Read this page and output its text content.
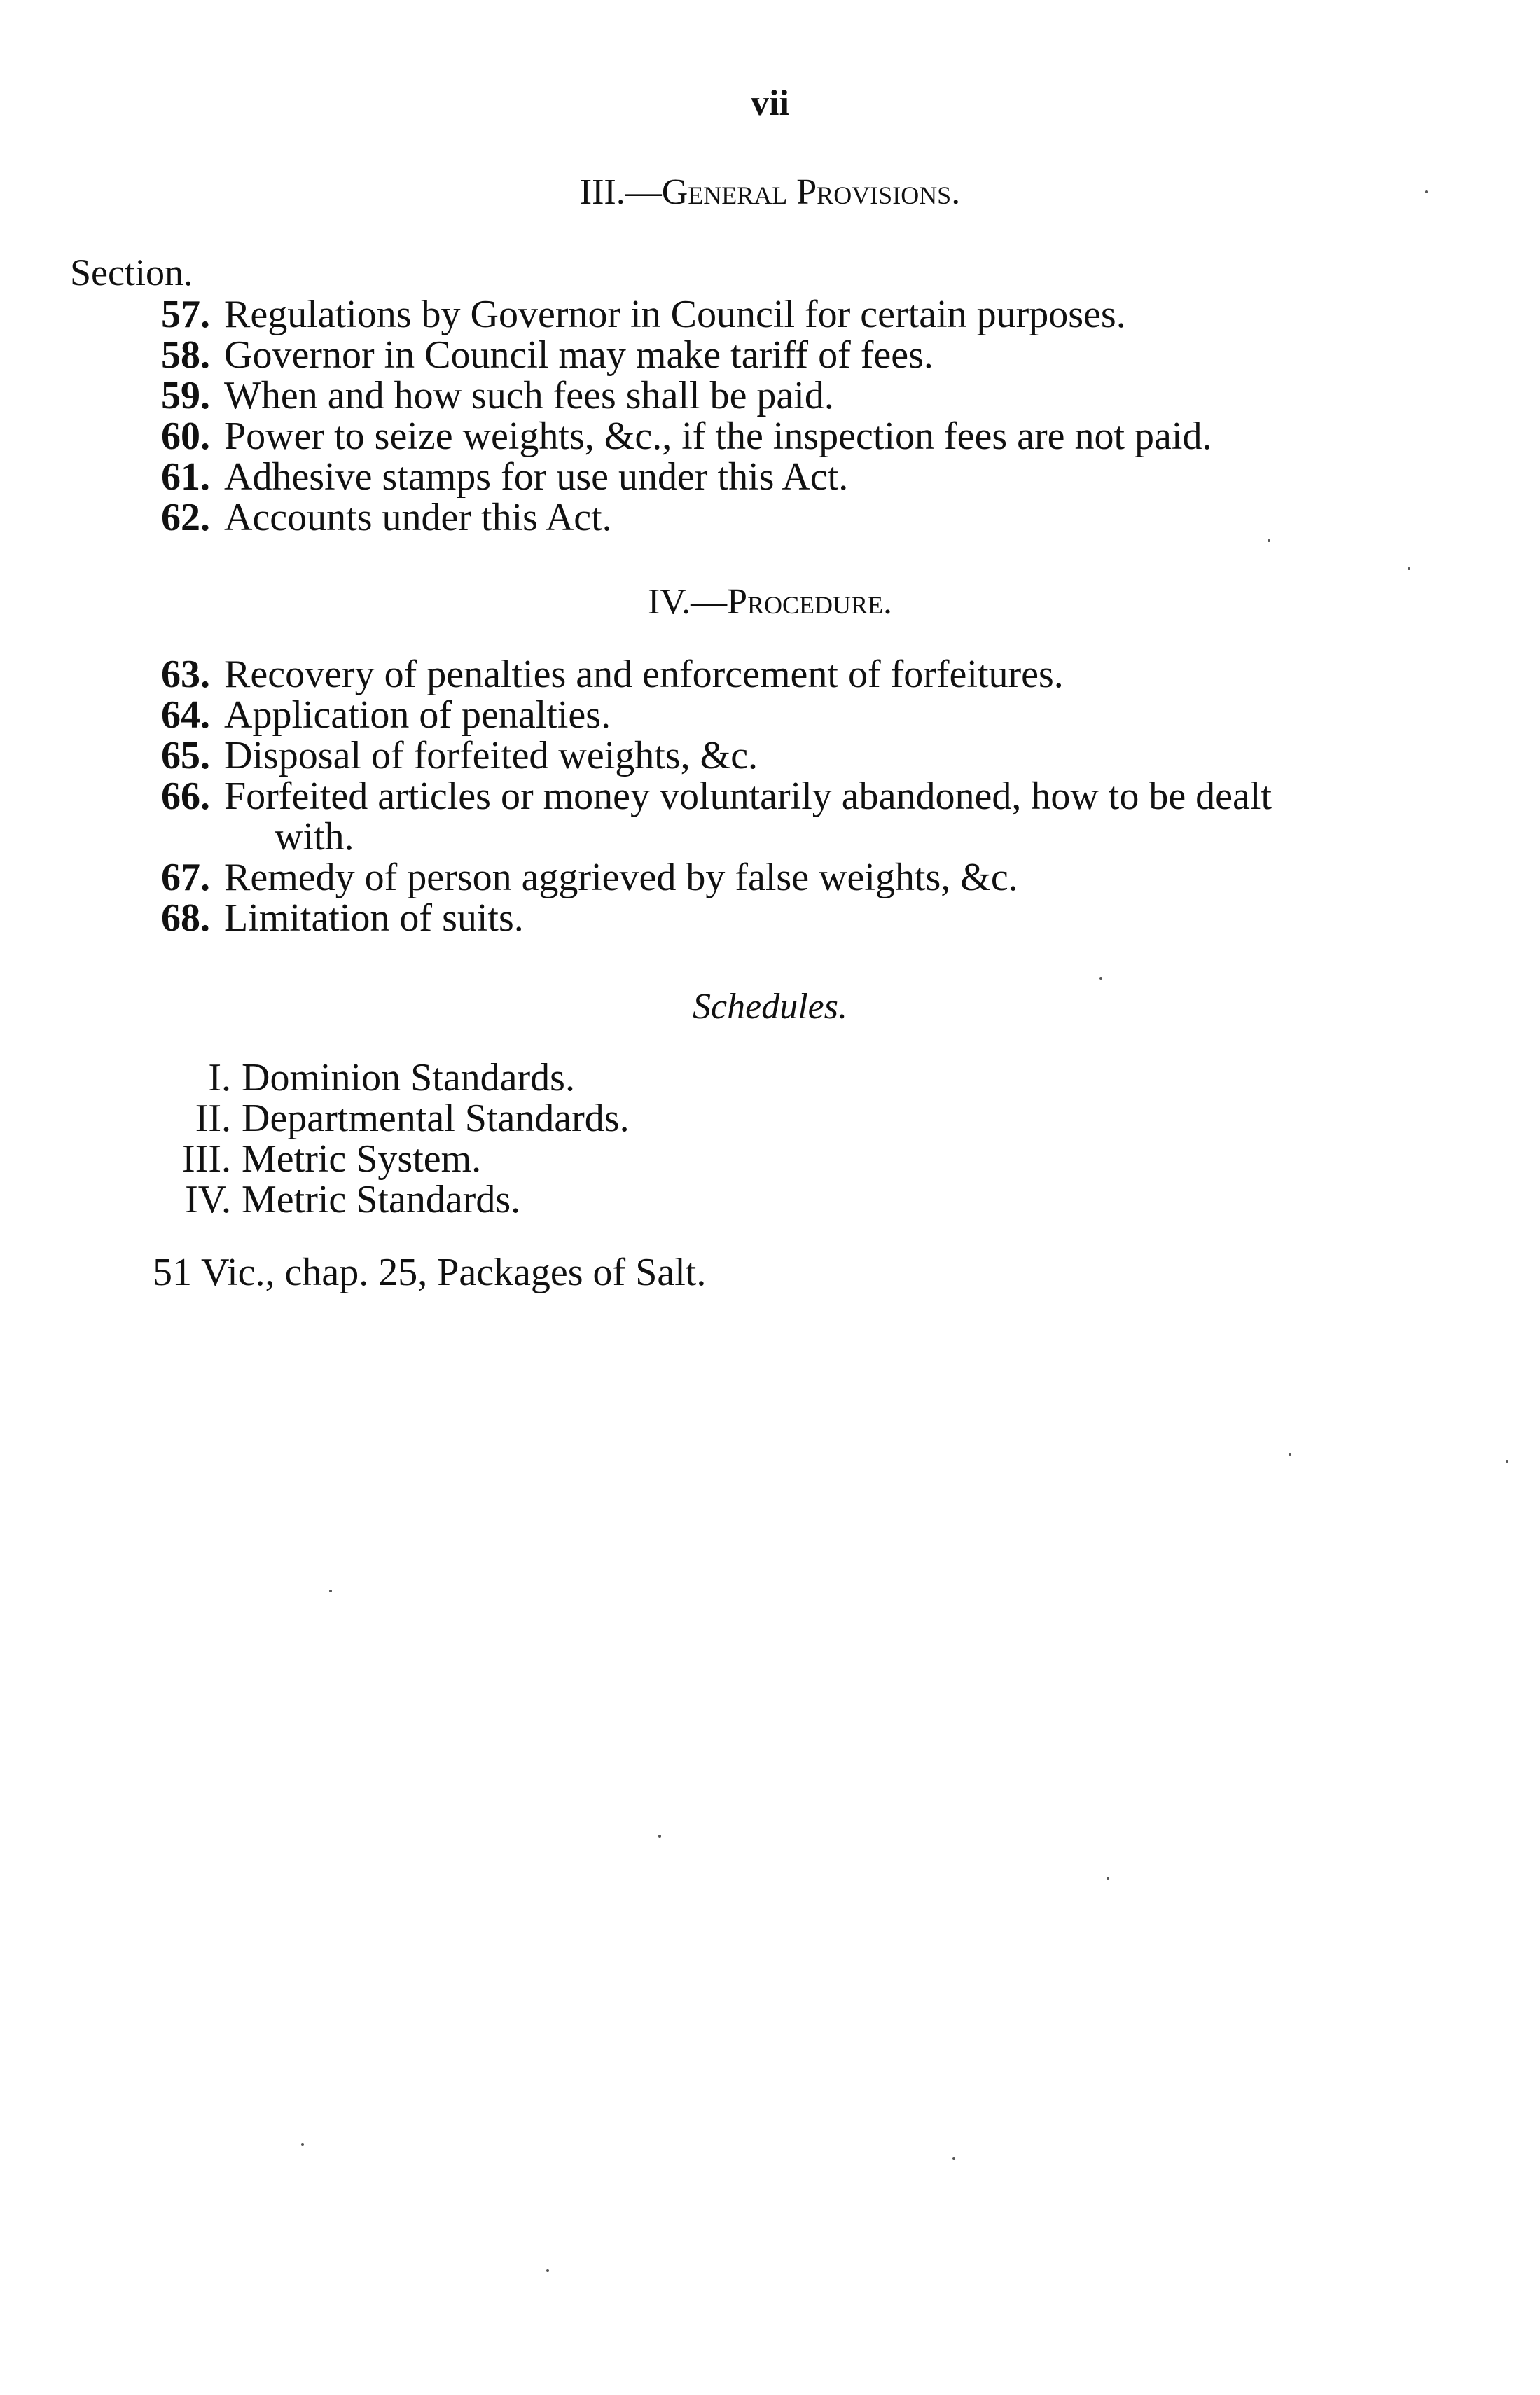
vii
III.—General Provisions.
Section.
57. Regulations by Governor in Council for certain purposes.
58. Governor in Council may make tariff of fees.
59. When and how such fees shall be paid.
60. Power to seize weights, &c., if the inspection fees are not paid.
61. Adhesive stamps for use under this Act.
62. Accounts under this Act.
IV.—Procedure.
63. Recovery of penalties and enforcement of forfeitures.
64. Application of penalties.
65. Disposal of forfeited weights, &c.
66. Forfeited articles or money voluntarily abandoned, how to be dealt
with.
67. Remedy of person aggrieved by false weights, &c.
68. Limitation of suits.
Schedules.
I. Dominion Standards.
II. Departmental Standards.
III. Metric System.
IV. Metric Standards.
51 Vic., chap. 25, Packages of Salt.
